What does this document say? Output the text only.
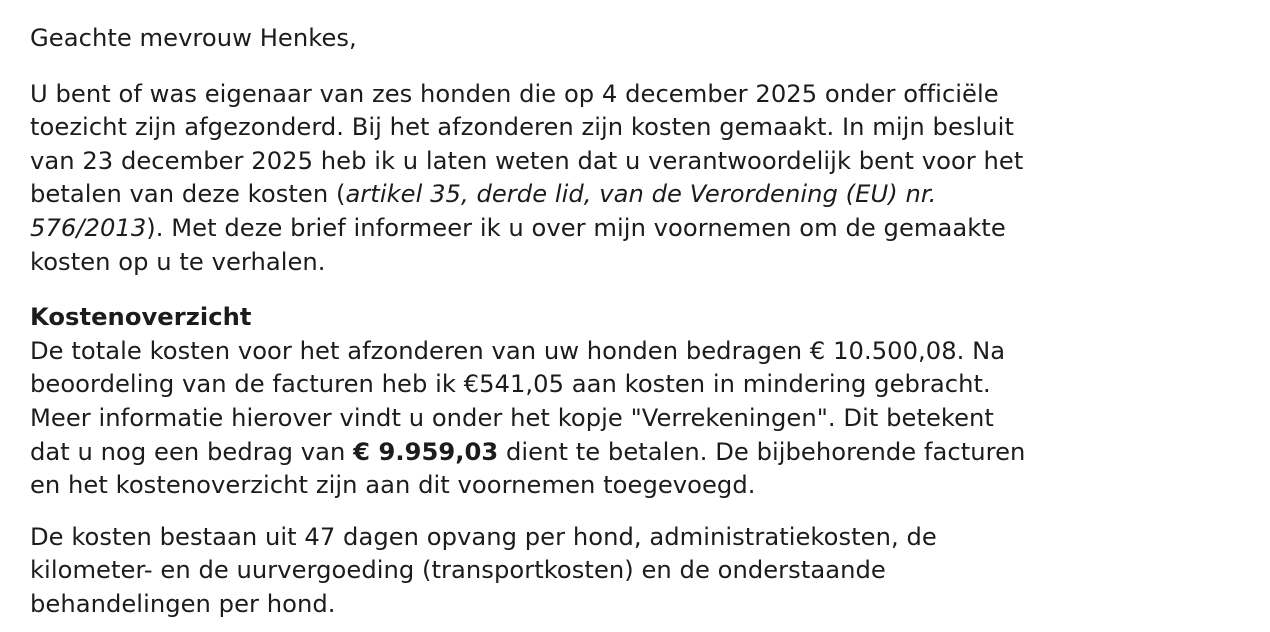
Geachte mevrouw Henkes,

U bent of was eigenaar van zes honden die op 4 december 2025 onder officiële
toezicht zijn afgezonderd. Bij het afzonderen zijn kosten gemaakt. In mijn besluit
van 23 december 2025 heb ik u laten weten dat u verantwoordelijk bent voor het
betalen van deze kosten (artikel 35, derde lid, van de Verordening (EU) nr.
576/2013). Met deze brief informeer ik u over mijn voornemen om de gemaakte
kosten op u te verhalen.

Kostenoverzicht
De totale kosten voor het afzonderen van uw honden bedragen € 10.500,08. Na
beoordeling van de facturen heb ik €541,05 aan kosten in mindering gebracht.
Meer informatie hierover vindt u onder het kopje "Verrekeningen". Dit betekent
dat u nog een bedrag van € 9.959,03 dient te betalen. De bijbehorende facturen
en het kostenoverzicht zijn aan dit voornemen toegevoegd.

De kosten bestaan uit 47 dagen opvang per hond, administratiekosten, de
kilometer- en de uurvergoeding (transportkosten) en de onderstaande
behandelingen per hond.
